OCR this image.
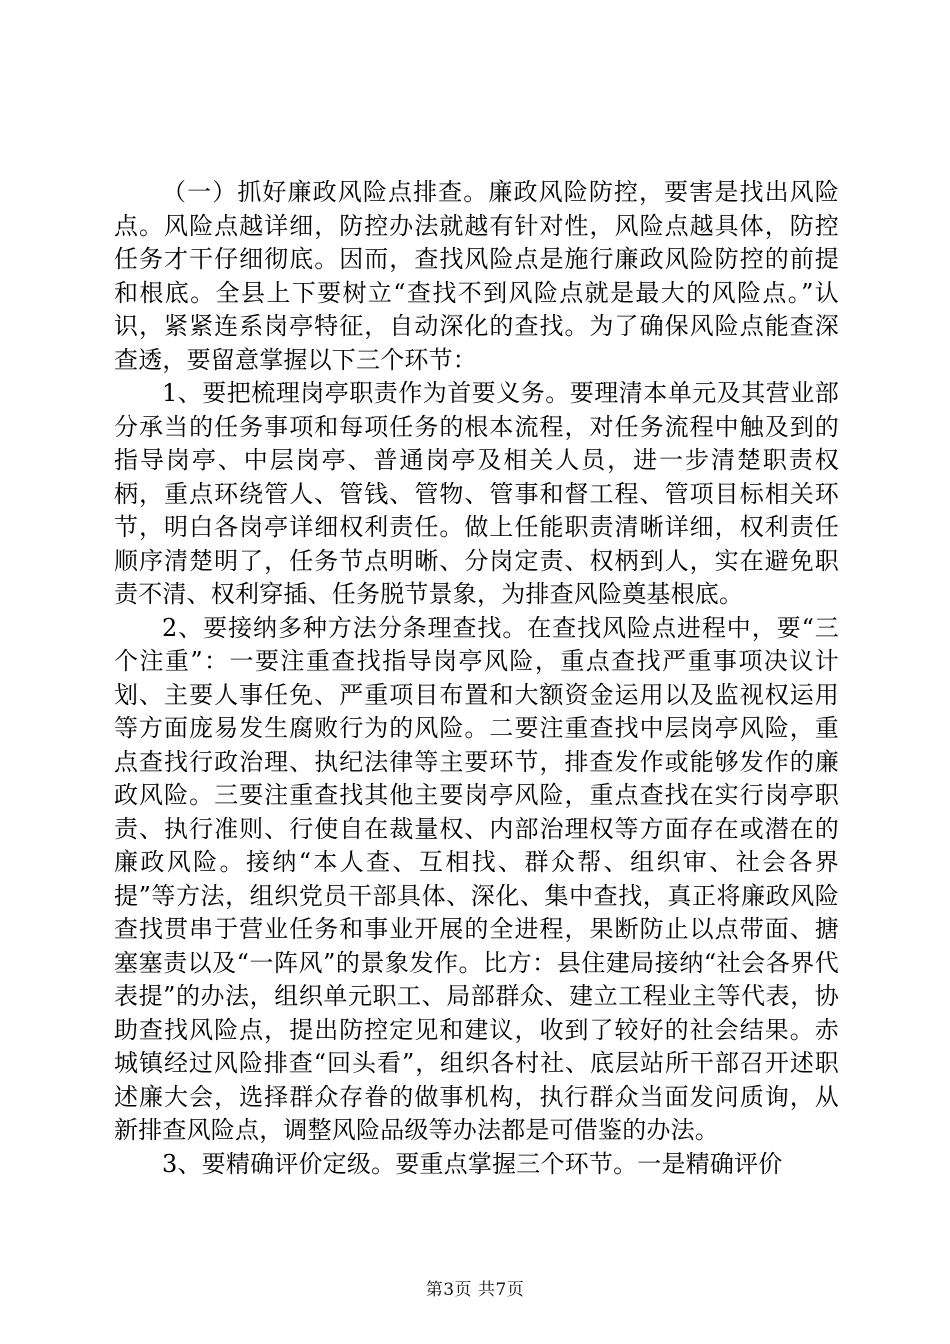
（一）抓好廉政风险点排查。廉政风险防控，要害是找出风险点。风险点越详细，防控办法就越有针对性，风险点越具体，防控任务才干仔细彻底。因而，查找风险点是施行廉政风险防控的前提和根底。全县上下要树立“查找不到风险点就是最大的风险点。”认识，紧紧连系岗亭特征，自动深化的查找。为了确保风险点能查深查透，要留意掌握以下三个环节：

1、要把梳理岗亭职责作为首要义务。要理清本单元及其营业部分承当的任务事项和每项任务的根本流程，对任务流程中触及到的指导岗亭、中层岗亭、普通岗亭及相关人员，进一步清楚职责权柄，重点环绕管人、管钱、管物、管事和督工程、管项目标相关环节，明白各岗亭详细权利责任。做上任能职责清晰详细，权利责任顺序清楚明了，任务节点明晰、分岗定责、权柄到人，实在避免职责不清、权利穿插、任务脱节景象，为排查风险奠基根底。

2、要接纳多种方法分条理查找。在查找风险点进程中，要“三个注重”：一要注重查找指导岗亭风险，重点查找严重事项决议计划、主要人事任免、严重项目布置和大额资金运用以及监视权运用等方面庞易发生腐败行为的风险。二要注重查找中层岗亭风险，重点查找行政治理、执纪法律等主要环节，排查发作或能够发作的廉政风险。三要注重查找其他主要岗亭风险，重点查找在实行岗亭职责、执行准则、行使自在裁量权、内部治理权等方面存在或潜在的廉政风险。接纳“本人查、互相找、群众帮、组织审、社会各界提”等方法，组织党员干部具体、深化、集中查找，真正将廉政风险查找贯串于营业任务和事业开展的全进程，果断防止以点带面、搪塞塞责以及“一阵风”的景象发作。比方：县住建局接纳“社会各界代表提”的办法，组织单元职工、局部群众、建立工程业主等代表，协助查找风险点，提出防控定见和建议，收到了较好的社会结果。赤城镇经过风险排查“回头看”，组织各村社、底层站所干部召开述职述廉大会，选择群众存眷的做事机构，执行群众当面发问质询，从新排查风险点，调整风险品级等办法都是可借鉴的办法。

3、要精确评价定级。要重点掌握三个环节。一是精确评价

第3页 共7页
